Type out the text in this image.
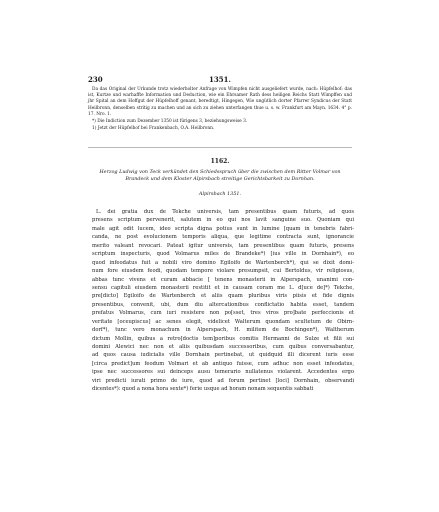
230	1351.

Da das Original der Urkunde trotz wiederholter Anfrage von Wimpfen nicht ausgeliefert wurde, nach: Hüpfelhof: das ist, Kurtze und warhaffte Information und Deduction, wie ein Ehrsamer Rath dess heiligen Reichs Statt Wimpffen und jhr Spital an dem Hoffgut der Hüpfelhoff genant, beredtigt, Hingegen, Wie ungütlich dorter Pfarrer Syndicus der Statt Heilbronn, denselben stritig zu machen und an sich zu ziehen unterfangen thue u. s. w. Frankfurt am Mayn. 1634. 4° p. 17. Nro. 1.

*) Die Indiction zum Dezember 1350 ist fürigens 3, beziehungsweise 3.

1) Jetzt der Hüpfelhof bei Frankenbach, O.A. Heilbronn.

1162.
Herzog Ludwig von Teck verkündet den Schiedsspruch über die zwischen dem Ritter Volmar von Brandeck und dem Kloster Alpirsbach streitige Gerichtsbarkeit zu Dornhan.
Alpirsbach 1351.
L. dei gratia dux de Tekche universis, tam presentibus quam futuris, ad quos
presens scriptum pervenerit, salutem in eo qui nos lavit sanguine suo. Quoniam qui
male agit odit lucem, ideo scripta digna potius sunt in lumine [quam in tenebris fabri-
canda, ne post evolucionem temporis aliqua, que legitime contracta sunt, ignorancie
merito valeant revocari. Pateat igitur universis, tam presentibus quam futuris, presens
scriptum inspecturis, quod Volmarus miles de Brandeke*) [ius ville in Dornhain*), eo
quod infeodatus fuit a nobili viro domino Egiloifo de Wartenberch*), qui se dixit domi-
num fore eiusdem feodi, quodam tempore violare presumpsit, cui Bertoldus, vir religiosus,
abbas tunc vivens et curam abbacie [ tenens monasterii in Alperspach, unanimi con-
sensu capituli eiusdem monasterii restitit et in causam coram me L. d[uce de]*) Tekche,
pre[dicto] Egiloifo de Wartenberch et aliis quam pluribus viris piisis et fide dignis
presentibus, convenit, ubi, dum diu altercationibus conflictatio habita esset, tandem
prefatus Volmarus, cum iuri resistere non po[sset, tres viros pro]bate perfeccionis et
veritate [oceupiscus] ac senes elegit, videlicet Walterum quondam scultetum de Obirn-
dorf*), tunc vero monachum in Alperspach, H. militem de Bochingen*), Waltherum
dictum Mollin, quibus a retro[doctis tem]poribus comitis Hermanni de Sulze et filii sui
domini Alewici nec non et aliis quibusdam successoribus, cum quibus conversabantur,
ad quos causa iudicialis ville Dornhain pertinebat, ut quidquid illi dicerent iuris esse
[circa predict]um feodum Volmari et ab antiquo fuisse, cum adhuc non esset infeodatus,
ipse nec successores sui deinceps ausu temerario nullatenus violarent. Accedentes ergo
viri predicti iurati primo de iure, quod ad forum pertinet [loci] Dornhain, observandi
dicentes*): quod a nona hora sexte*) ferie usque ad horam nonam sequentis sabbati
